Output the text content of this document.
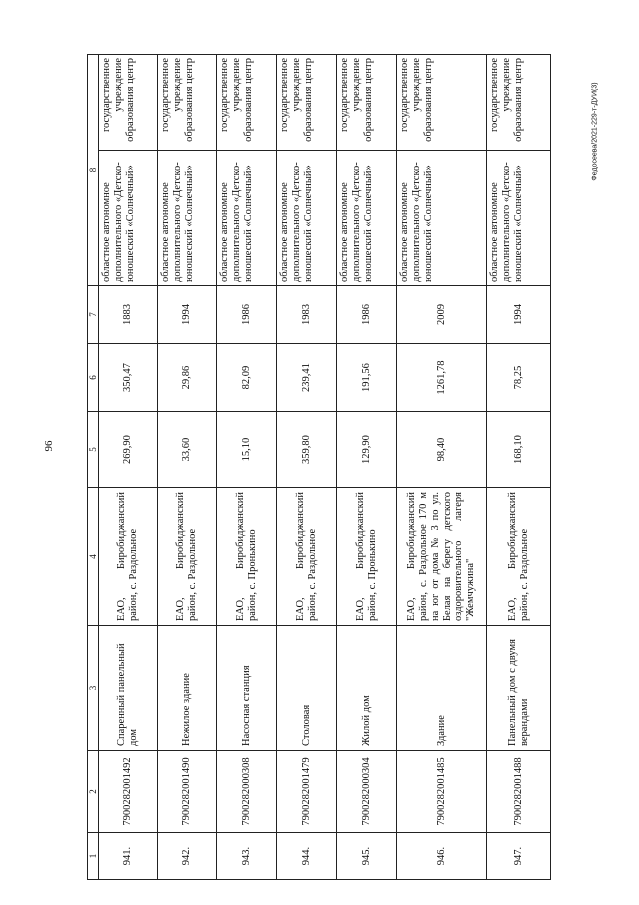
96
Федосеева/2021-229-т-ДУИ(3)
1	2	3	4	5	6	7	8
941.	7900282001492	Спаренный панельный дом	ЕАО, Биробиджанский район, с. Раздольное	269,90	350,47	1883	областное автономное дополнительного «Детско-юношеский «Солнечный»
государственное учреждение образования центр

942.	7900282001490	Нежилое здание	ЕАО, Биробиджанский район, с. Раздольное	33,60	29,86	1994	областное автономное дополнительного «Детско-юношеский «Солнечный»
государственное учреждение образования центр

943.	7900282000308	Насосная станция	ЕАО, Биробиджанский район, с. Пронькино	15,10	82,09	1986	областное автономное дополнительного «Детско-юношеский «Солнечный»
государственное учреждение образования центр

944.	7900282001479	Столовая	ЕАО, Биробиджанский район, с. Раздольное	359,80	239,41	1983	областное автономное дополнительного «Детско-юношеский «Солнечный»
государственное учреждение образования центр

945.	7900282000304	Жилой дом	ЕАО, Биробиджанский район, с. Пронькино	129,90	191,56	1986	областное автономное дополнительного «Детско-юношеский «Солнечный»
государственное учреждение образования центр

946.	7900282001485	Здание	ЕАО, Биробиджанский район, с. Раздольное 170 м на юг от дома № 3 по ул. Белая на берегу детского оздоровительного лагеря "Жемчужина"	98,40	1261,78	2009	областное автономное дополнительного «Детско-юношеский «Солнечный»
государственное учреждение образования центр

947.	7900282001488	Панельный дом с двумя верандами	ЕАО, Биробиджанский район, с. Раздольное	168,10	78,25	1994	областное автономное дополнительного «Детско-юношеский «Солнечный»
государственное учреждение образования центр
